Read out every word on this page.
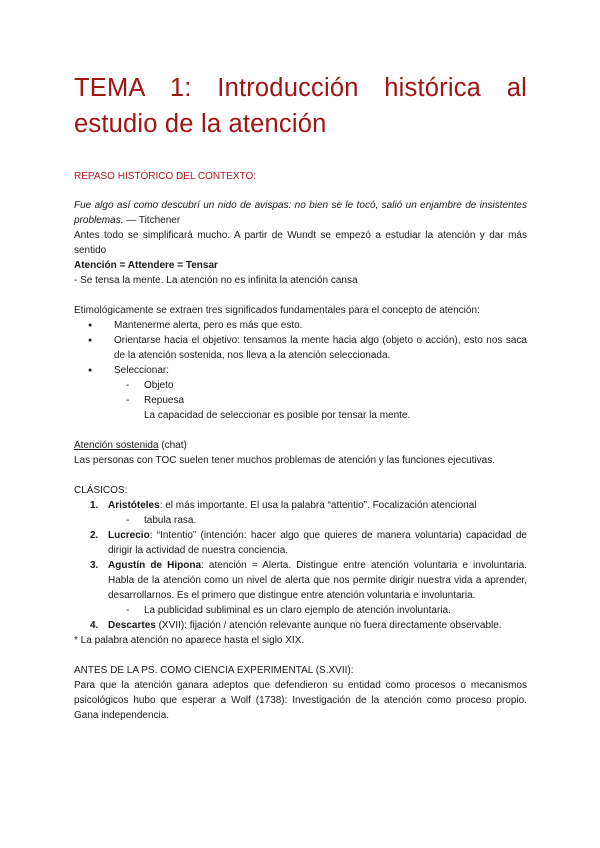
TEMA 1: Introducción histórica al estudio de la atención
REPASO HISTÓRICO DEL CONTEXTO:

Fue algo así como descubrí un nido de avispas: no bien se le tocó, salió un enjambre de insistentes problemas. — Titchener

Antes todo se simplificará mucho. A partir de Wundt se empezó a estudiar la atención y dar más sentido

Atención = Attendere = Tensar

- Se tensa la mente. La atención no es infinita la atención cansa

Etimológicamente se extraen tres significados fundamentales para el concepto de atención:

● Mantenerme alerta, pero es más que esto.
● Orientarse hacia el objetivo: tensamos la mente hacia algo (objeto o acción), esto nos saca de la atención sostenida, nos lleva a la atención seleccionada.
● Seleccionar:
- Objeto
- Repuesa
La capacidad de seleccionar es posible por tensar la mente.

Atención sostenida (chat)

Las personas con TOC suelen tener muchos problemas de atención y las funciones ejecutivas.

CLÁSICOS:

1. Aristóteles: el más importante. El usa la palabra “attentio”. Focalización atencional
- tabula rasa.
2. Lucrecio: “Intentio” (intención: hacer algo que quieres de manera voluntaria) capacidad de dirigir la actividad de nuestra conciencia.
3. Agustín de Hipona: atención = Alerta. Distingue entre atención voluntaria e involuntaria. Habla de la atención como un nivel de alerta que nos permite dirigir nuestra vida a aprender, desarrollarnos. Es el primero que distingue entre atención voluntaria e involuntaria.
- La publicidad subliminal es un claro ejemplo de atención involuntaria.
4. Descartes (XVII): fijación / atención relevante aunque no fuera directamente observable.

* La palabra atención no aparece hasta el siglo XIX.

ANTES DE LA PS. COMO CIENCIA EXPERIMENTAL (S.XVII):

Para que la atención ganara adeptos que defendieron su entidad como procesos o mecanismos psicológicos hubo que esperar a Wolf (1738): Investigación de la atención como proceso propio. Gana independencia.
